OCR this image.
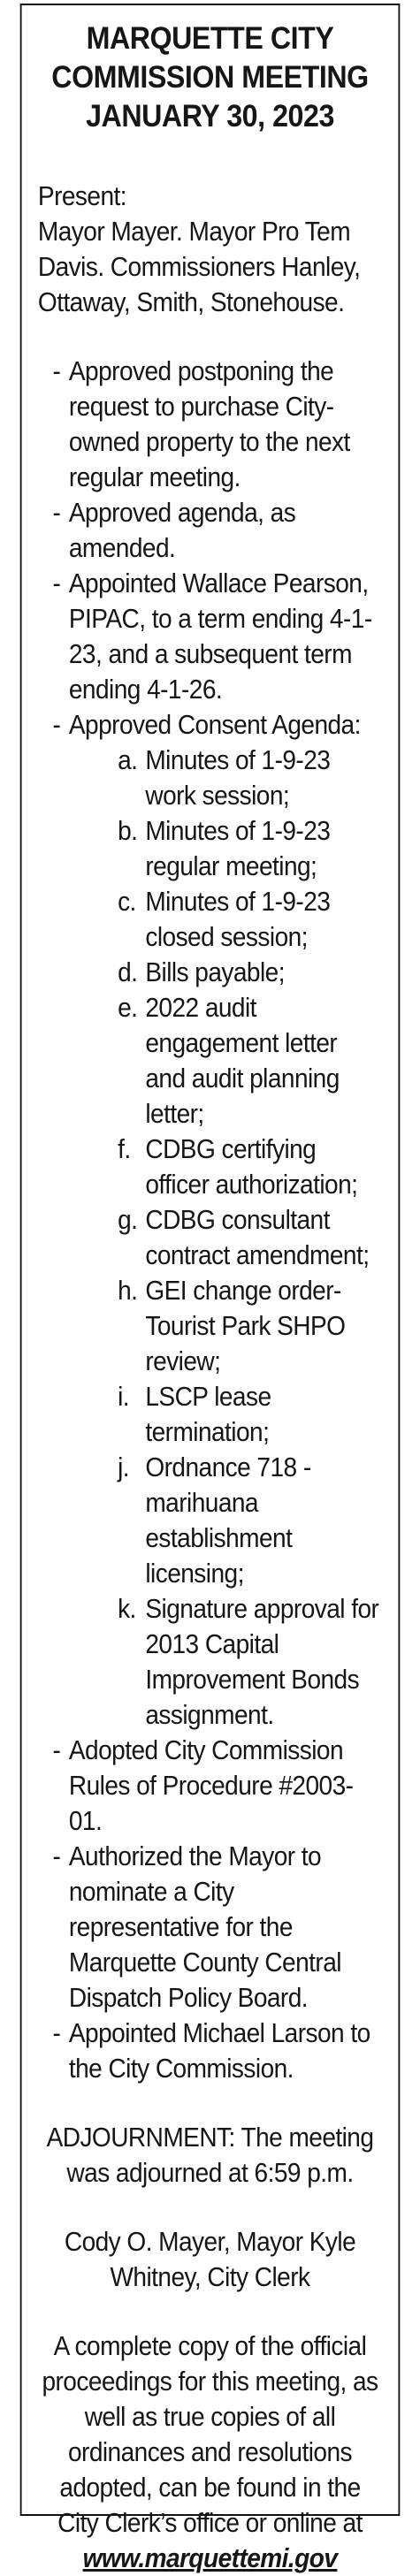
MARQUETTE CITY
COMMISSION MEETING
JANUARY 30, 2023
Present:
Mayor Mayer. Mayor Pro Tem Davis. Commissioners Hanley, Ottaway, Smith, Stonehouse.
- Approved postponing the request to purchase City-owned property to the next regular meeting.
- Approved agenda, as amended.
- Appointed Wallace Pearson, PIPAC, to a term ending 4-1-23, and a subsequent term ending 4-1-26.
- Approved Consent Agenda:
a. Minutes of 1-9-23 work session;
b. Minutes of 1-9-23 regular meeting;
c. Minutes of 1-9-23 closed session;
d. Bills payable;
e. 2022 audit engagement letter and audit planning letter;
f. CDBG certifying officer authorization;
g. CDBG consultant contract amendment;
h. GEI change order-Tourist Park SHPO review;
i. LSCP lease termination;
j. Ordnance 718 - marihuana establishment licensing;
k. Signature approval for 2013 Capital Improvement Bonds assignment.
- Adopted City Commission Rules of Procedure #2003-01.
- Authorized the Mayor to nominate a City representative for the Marquette County Central Dispatch Policy Board.
- Appointed Michael Larson to the City Commission.
ADJOURNMENT: The meeting was adjourned at 6:59 p.m.
Cody O. Mayer, Mayor Kyle Whitney, City Clerk
A complete copy of the official proceedings for this meeting, as well as true copies of all ordinances and resolutions adopted, can be found in the City Clerk’s office or online at www.marquettemi.gov
